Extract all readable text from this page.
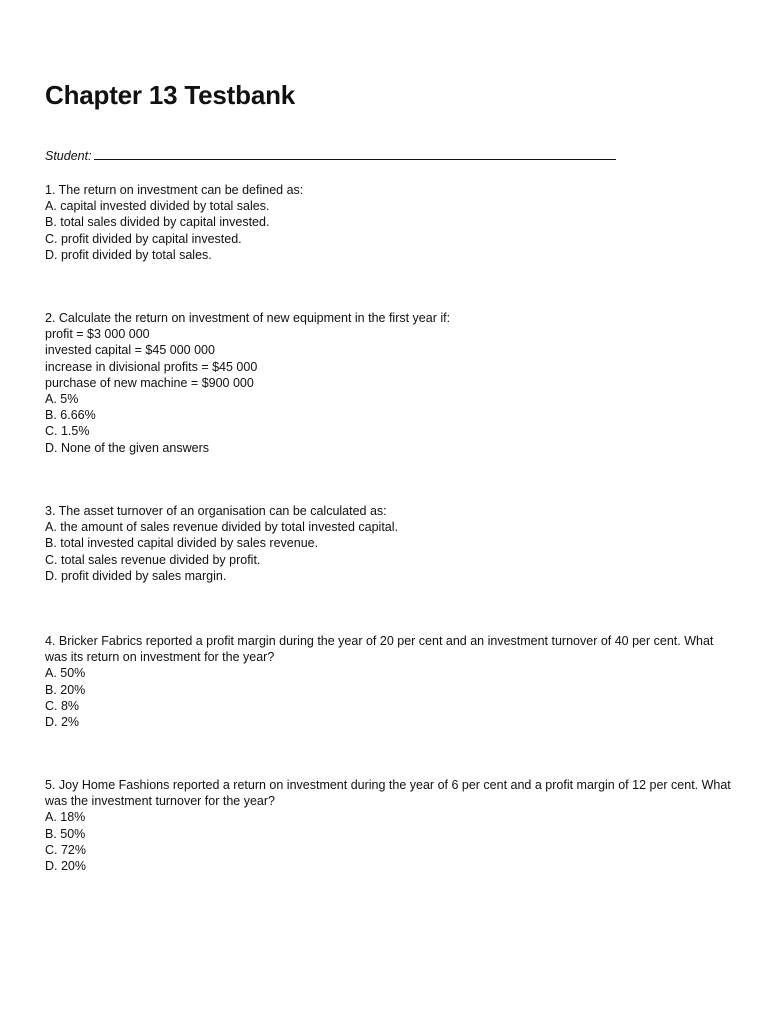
Chapter 13 Testbank
Student:
1. The return on investment can be defined as:
A. capital invested divided by total sales.
B. total sales divided by capital invested.
C. profit divided by capital invested.
D. profit divided by total sales.
2. Calculate the return on investment of new equipment in the first year if:
profit = $3 000 000
invested capital = $45 000 000
increase in divisional profits = $45 000
purchase of new machine = $900 000
A. 5%
B. 6.66%
C. 1.5%
D. None of the given answers
3. The asset turnover of an organisation can be calculated as:
A. the amount of sales revenue divided by total invested capital.
B. total invested capital divided by sales revenue.
C. total sales revenue divided by profit.
D. profit divided by sales margin.
4. Bricker Fabrics reported a profit margin during the year of 20 per cent and an investment turnover of 40 per cent. What was its return on investment for the year?
A. 50%
B. 20%
C. 8%
D. 2%
5. Joy Home Fashions reported a return on investment during the year of 6 per cent and a profit margin of 12 per cent. What was the investment turnover for the year?
A. 18%
B. 50%
C. 72%
D. 20%
